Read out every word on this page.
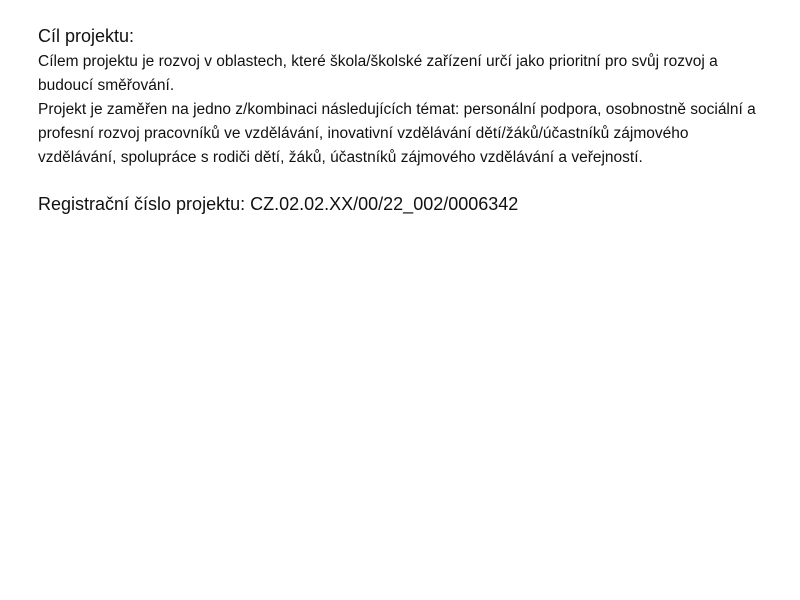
Cíl projektu:

Cílem projektu je rozvoj v oblastech, které škola/školské zařízení určí jako prioritní pro svůj rozvoj a budoucí směřování.

Projekt je zaměřen na jedno z/kombinaci následujících témat: personální podpora, osobnostně sociální a profesní rozvoj pracovníků ve vzdělávání, inovativní vzdělávání dětí/žáků/účastníků zájmového vzdělávání, spolupráce s rodiči dětí, žáků, účastníků zájmového vzdělávání a veřejností.

Registrační číslo projektu: CZ.02.02.XX/00/22_002/0006342
